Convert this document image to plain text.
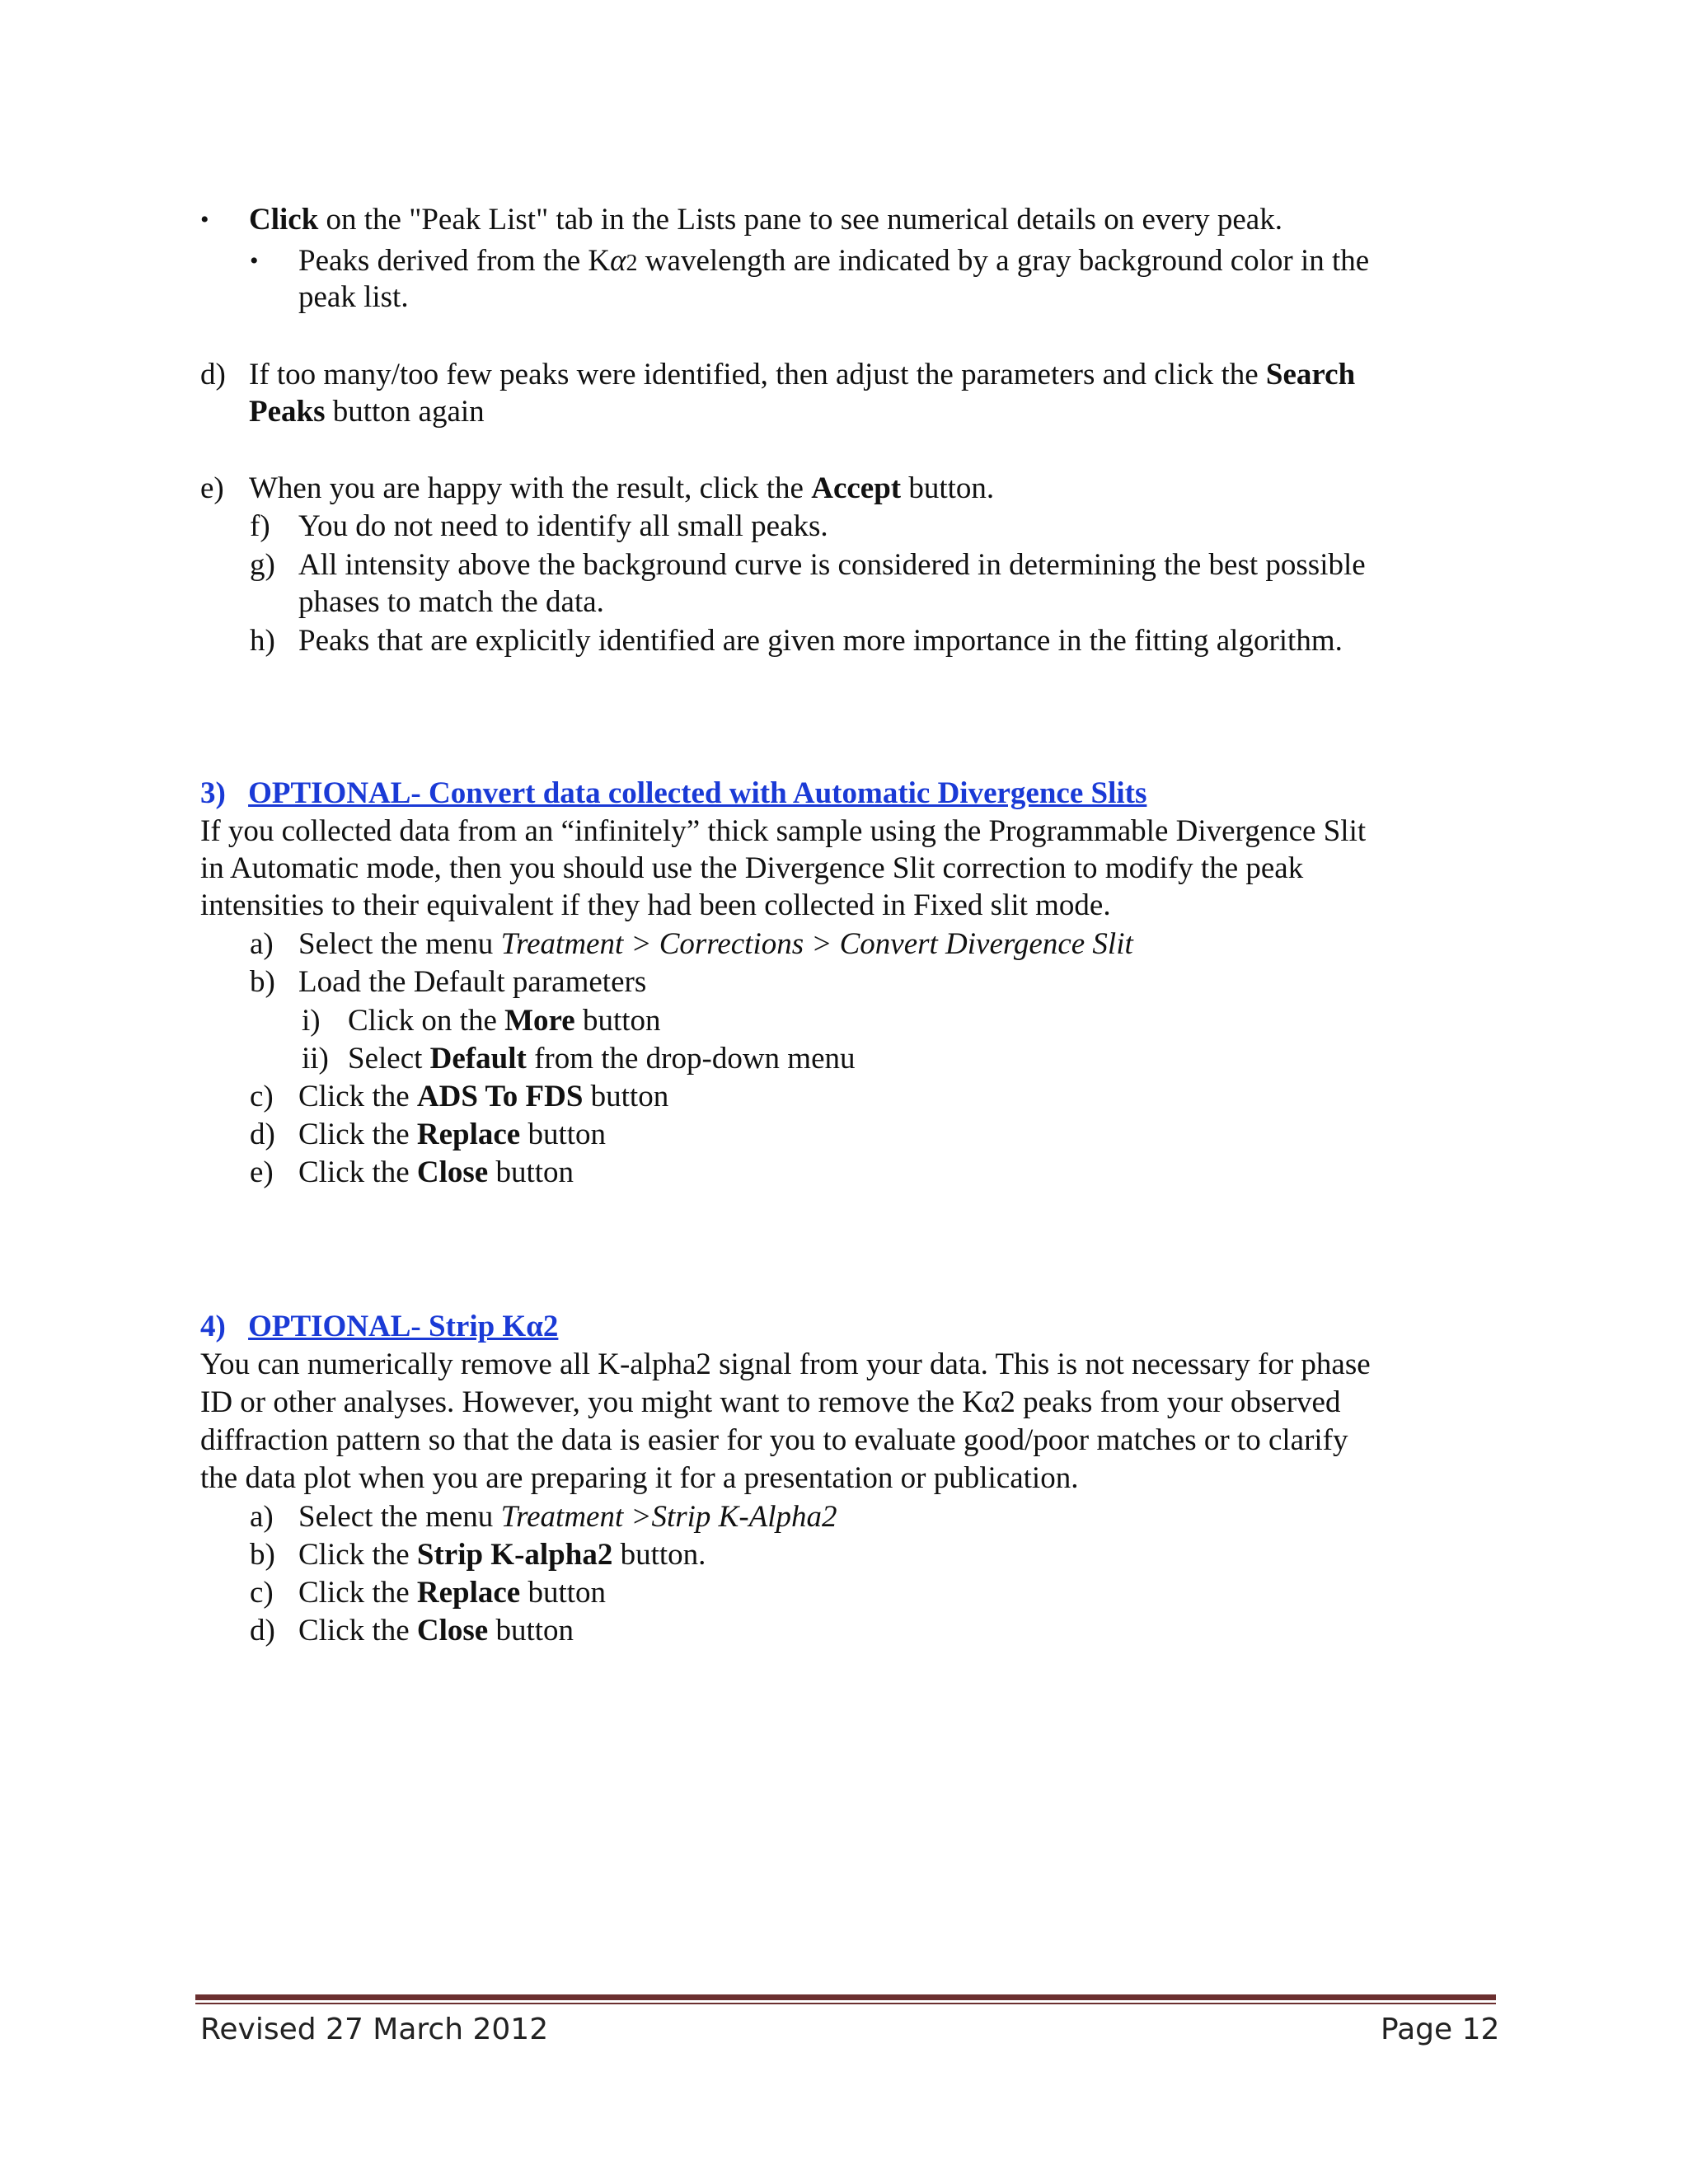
• Click on the "Peak List" tab in the Lists pane to see numerical details on every peak.
• Peaks derived from the Kα2 wavelength are indicated by a gray background color in the
peak list.
d) If too many/too few peaks were identified, then adjust the parameters and click the Search
Peaks button again
e) When you are happy with the result, click the Accept button.
f) You do not need to identify all small peaks.
g) All intensity above the background curve is considered in determining the best possible
phases to match the data.
h) Peaks that are explicitly identified are given more importance in the fitting algorithm.
3) OPTIONAL- Convert data collected with Automatic Divergence Slits
If you collected data from an “infinitely” thick sample using the Programmable Divergence Slit
in Automatic mode, then you should use the Divergence Slit correction to modify the peak
intensities to their equivalent if they had been collected in Fixed slit mode.
a) Select the menu Treatment > Corrections > Convert Divergence Slit
b) Load the Default parameters
i) Click on the More button
ii) Select Default from the drop-down menu
c) Click the ADS To FDS button
d) Click the Replace button
e) Click the Close button
4) OPTIONAL- Strip Kα2
You can numerically remove all K-alpha2 signal from your data. This is not necessary for phase
ID or other analyses. However, you might want to remove the Kα2 peaks from your observed
diffraction pattern so that the data is easier for you to evaluate good/poor matches or to clarify
the data plot when you are preparing it for a presentation or publication.
a) Select the menu Treatment >Strip K-Alpha2
b) Click the Strip K-alpha2 button.
c) Click the Replace button
d) Click the Close button
Revised 27 March 2012	Page 12
